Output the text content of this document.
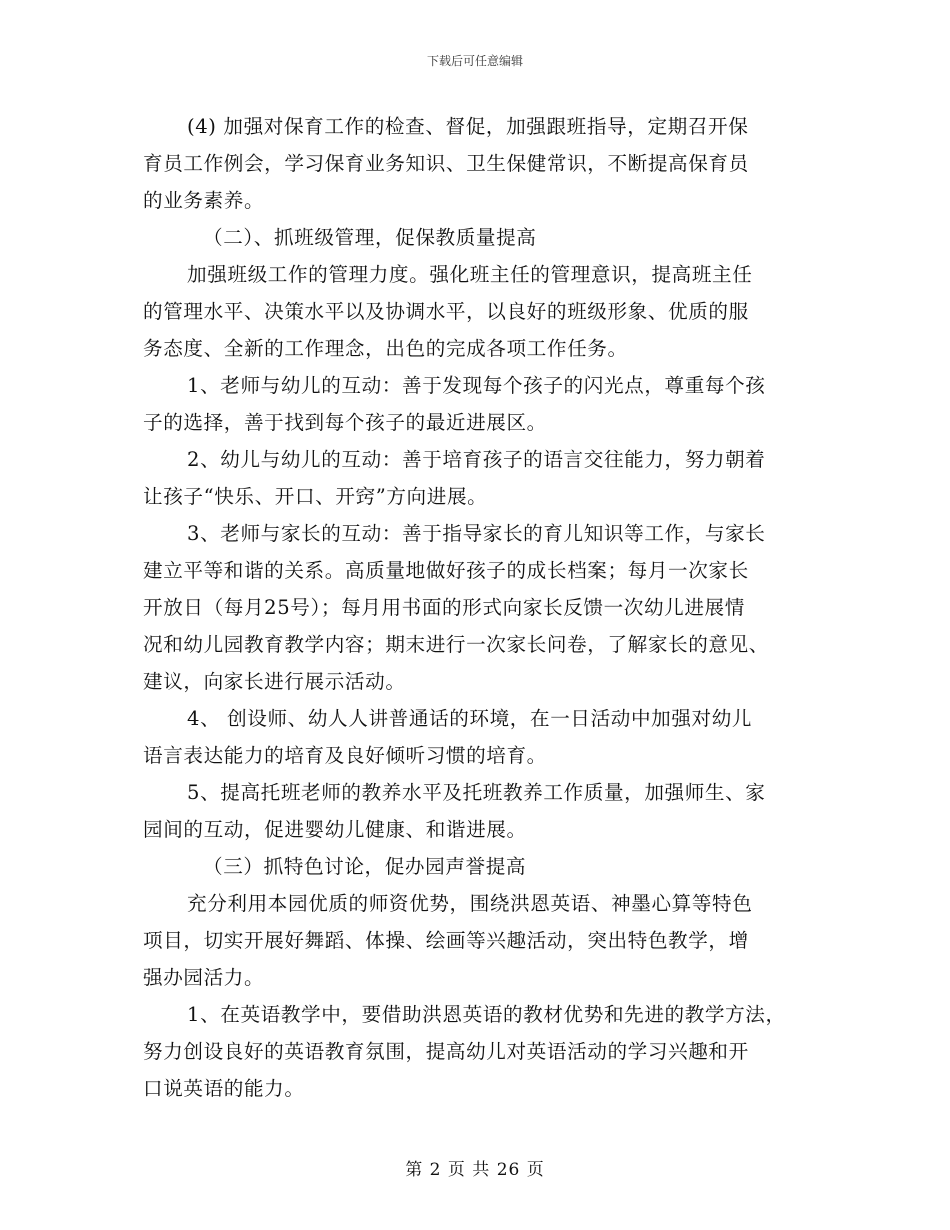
下载后可任意编辑
(4) 加强对保育工作的检查、督促，加强跟班指导，定期召开保
育员工作例会，学习保育业务知识、卫生保健常识，不断提高保育员
的业务素养。
（二）、抓班级管理，促保教质量提高
加强班级工作的管理力度。强化班主任的管理意识，提高班主任
的管理水平、决策水平以及协调水平，以良好的班级形象、优质的服
务态度、全新的工作理念，出色的完成各项工作任务。
1、老师与幼儿的互动：善于发现每个孩子的闪光点，尊重每个孩
子的选择，善于找到每个孩子的最近进展区。
2、幼儿与幼儿的互动：善于培育孩子的语言交往能力，努力朝着
让孩子“快乐、开口、开窍”方向进展。
3、老师与家长的互动：善于指导家长的育儿知识等工作，与家长
建立平等和谐的关系。高质量地做好孩子的成长档案；每月一次家长
开放日（每月25号）；每月用书面的形式向家长反馈一次幼儿进展情
况和幼儿园教育教学内容；期末进行一次家长问卷，了解家长的意见、
建议，向家长进行展示活动。
4、 创设师、幼人人讲普通话的环境，在一日活动中加强对幼儿
语言表达能力的培育及良好倾听习惯的培育。
5、提高托班老师的教养水平及托班教养工作质量，加强师生、家
园间的互动，促进婴幼儿健康、和谐进展。
（三）抓特色讨论，促办园声誉提高
充分利用本园优质的师资优势，围绕洪恩英语、神墨心算等特色
项目，切实开展好舞蹈、体操、绘画等兴趣活动，突出特色教学，增
强办园活力。
1、在英语教学中，要借助洪恩英语的教材优势和先进的教学方法，
努力创设良好的英语教育氛围，提高幼儿对英语活动的学习兴趣和开
口说英语的能力。
第 2 页 共 26 页
